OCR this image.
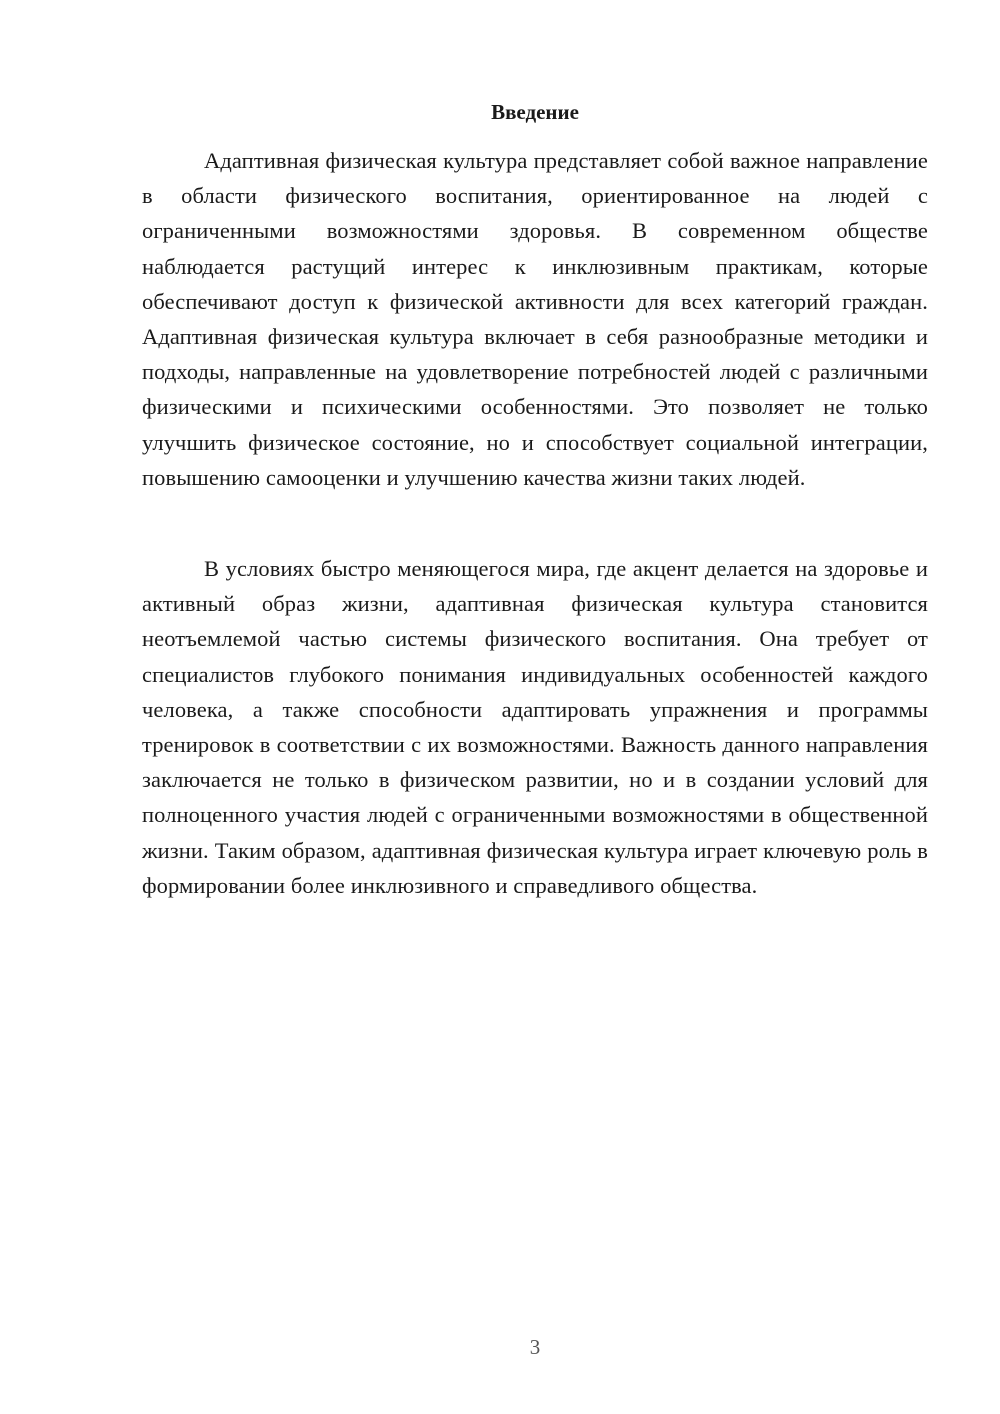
Введение

Адаптивная физическая культура представляет собой важное направление в области физического воспитания, ориентированное на людей с ограниченными возможностями здоровья. В современном обществе наблюдается растущий интерес к инклюзивным практикам, которые обеспечивают доступ к физической активности для всех категорий граждан. Адаптивная физическая культура включает в себя разнообразные методики и подходы, направленные на удовлетворение потребностей людей с различными физическими и психическими особенностями. Это позволяет не только улучшить физическое состояние, но и способствует социальной интеграции, повышению самооценки и улучшению качества жизни таких людей.

В условиях быстро меняющегося мира, где акцент делается на здоровье и активный образ жизни, адаптивная физическая культура становится неотъемлемой частью системы физического воспитания. Она требует от специалистов глубокого понимания индивидуальных особенностей каждого человека, а также способности адаптировать упражнения и программы тренировок в соответствии с их возможностями. Важность данного направления заключается не только в физическом развитии, но и в создании условий для полноценного участия людей с ограниченными возможностями в общественной жизни. Таким образом, адаптивная физическая культура играет ключевую роль в формировании более инклюзивного и справедливого общества.

3
